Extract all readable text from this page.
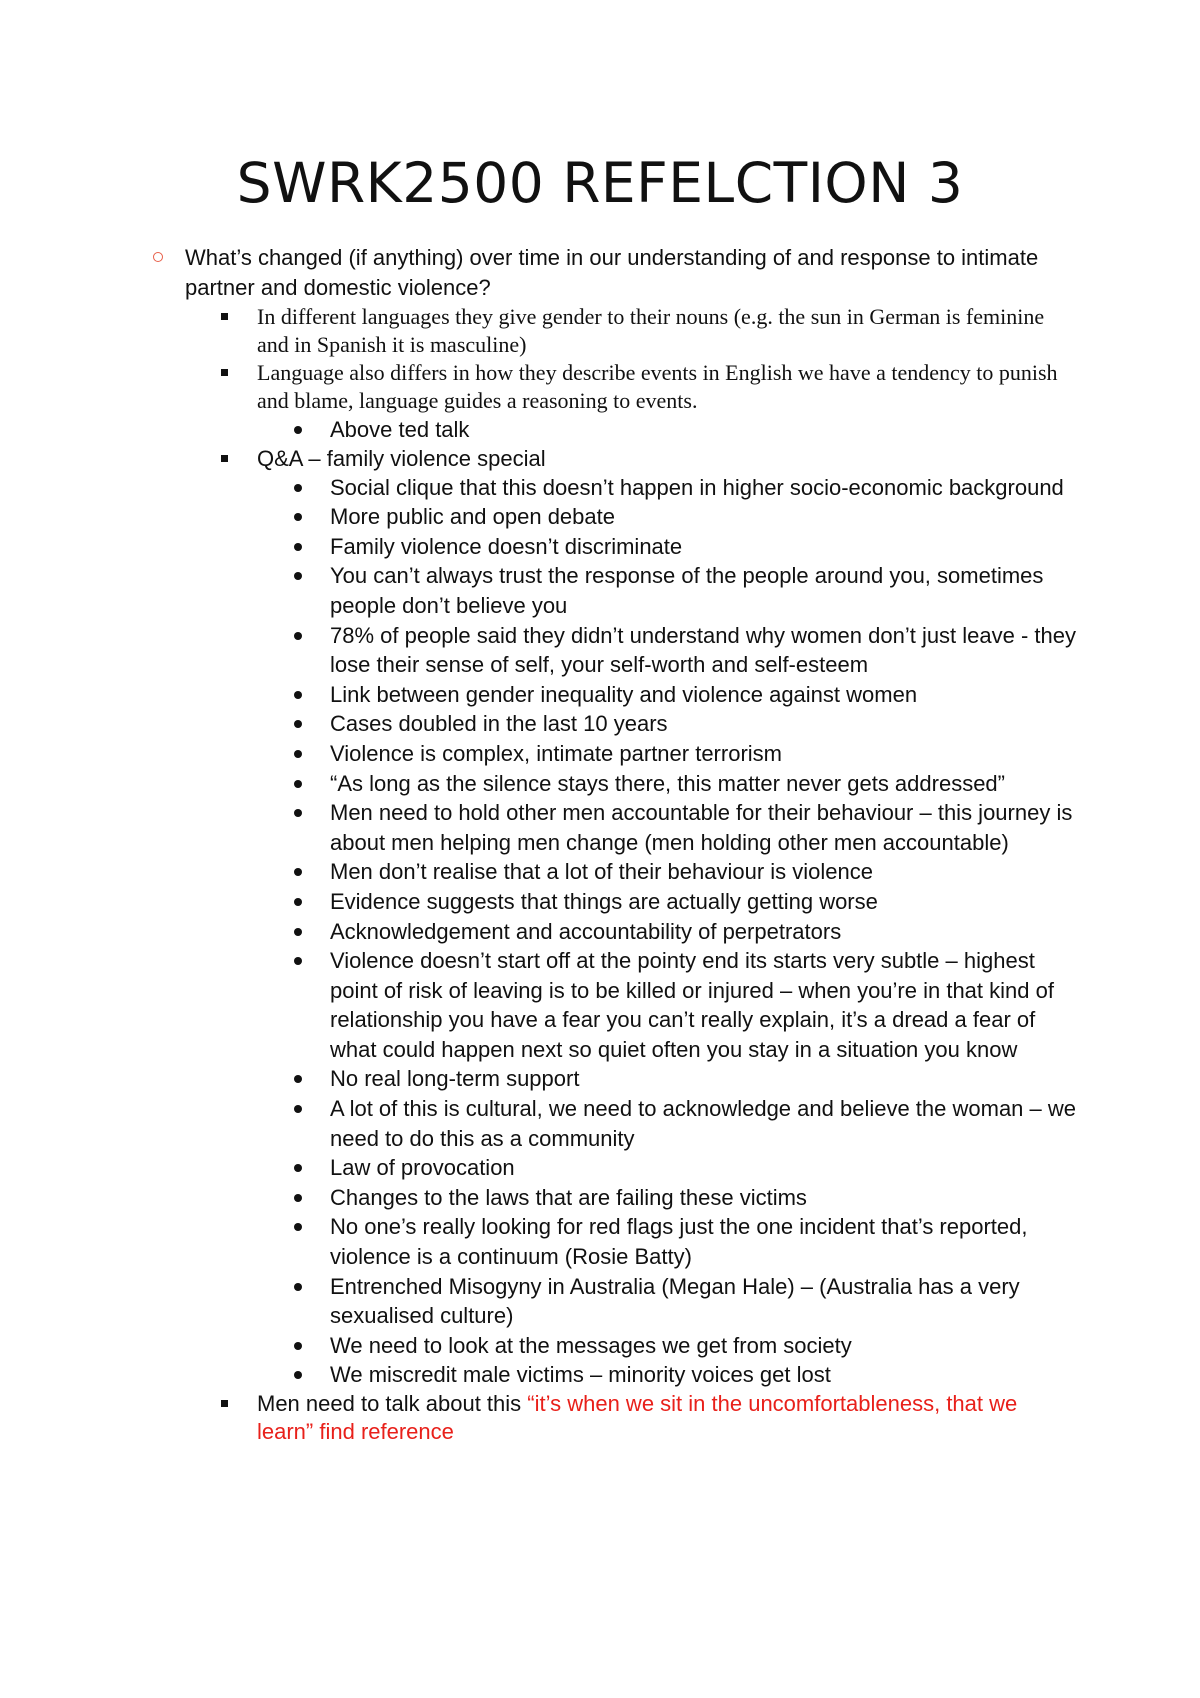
SWRK2500 REFELCTION 3
What’s changed (if anything) over time in our understanding of and response to intimate partner and domestic violence?
In different languages they give gender to their nouns (e.g. the sun in German is feminine and in Spanish it is masculine)
Language also differs in how they describe events in English we have a tendency to punish and blame, language guides a reasoning to events.
Above ted talk
Q&A – family violence special
Social clique that this doesn’t happen in higher socio-economic background
More public and open debate
Family violence doesn’t discriminate
You can’t always trust the response of the people around you, sometimes people don’t believe you
78% of people said they didn’t understand why women don’t just leave - they lose their sense of self, your self-worth and self-esteem
Link between gender inequality and violence against women
Cases doubled in the last 10 years
Violence is complex, intimate partner terrorism
“As long as the silence stays there, this matter never gets addressed”
Men need to hold other men accountable for their behaviour – this journey is about men helping men change (men holding other men accountable)
Men don’t realise that a lot of their behaviour is violence
Evidence suggests that things are actually getting worse
Acknowledgement and accountability of perpetrators
Violence doesn’t start off at the pointy end its starts very subtle – highest point of risk of leaving is to be killed or injured – when you’re in that kind of relationship you have a fear you can’t really explain, it’s a dread a fear of what could happen next so quiet often you stay in a situation you know
No real long-term support
A lot of this is cultural, we need to acknowledge and believe the woman – we need to do this as a community
Law of provocation
Changes to the laws that are failing these victims
No one’s really looking for red flags just the one incident that’s reported, violence is a continuum (Rosie Batty)
Entrenched Misogyny in Australia (Megan Hale) – (Australia has a very sexualised culture)
We need to look at the messages we get from society
We miscredit male victims – minority voices get lost
Men need to talk about this “it’s when we sit in the uncomfortableness, that we learn” find reference
